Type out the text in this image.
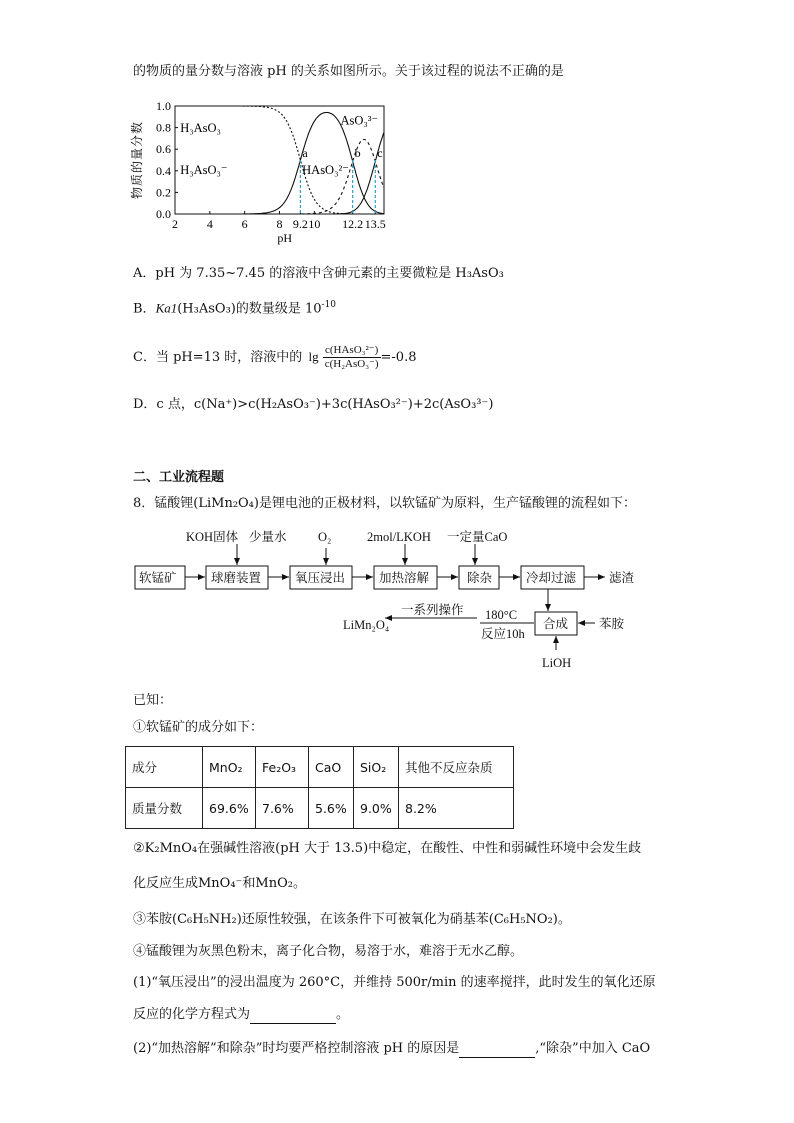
的物质的量分数与溶液 pH 的关系如图所示。关于该过程的说法不正确的是
0.0
0.2
0.4
0.6
0.8
1.0
2 4 6 8 9.2 10 12.2 13.5
pH
物质的量分数	a	b c
H₃AsO₃
H₃AsO₃⁻	HAsO₃²⁻
AsO₃³⁻
A．pH 为 7.35~7.45 的溶液中含砷元素的主要微粒是 H₃AsO₃
B．Ka1(H₃AsO₃)的数量级是 $10^{-10}$
C．当 pH=13 时，溶液中的 lg c(HAsO₃²⁻)
c(H₂AsO₃⁻) =-0.8
D．c 点，c(Na⁺)>c(H₂AsO₃⁻)+3c(HAsO₃²⁻)+2c(AsO₃³⁻)
二、工业流程题
8．锰酸锂(LiMn₂O₄)是锂电池的正极材料，以软锰矿为原料，生产锰酸锂的流程如下：
KOH固体 少量水	O₂	2mol/LKOH 一定量CaO
软锰矿	球磨装置	氧压浸出	加热溶解	除杂	冷却过滤
合成
滤渣
苯胺
LiOH
180°C
反应10h
一系列操作
LiMn₂O₄
已知：
①软锰矿的成分如下：
成分	MnO₂	Fe₂O₃	CaO	SiO₂	其他不反应杂质
质量分数	69.6%	7.6%	5.6%	9.0%	8.2%
②K₂MnO₄在强碱性溶液(pH 大于 13.5)中稳定，在酸性、中性和弱碱性环境中会发生歧
化反应生成MnO₄⁻和MnO₂。
③苯胺(C₆H₅NH₂)还原性较强，在该条件下可被氧化为硝基苯(C₆H₅NO₂)。
④锰酸锂为灰黑色粉末，离子化合物，易溶于水，难溶于无水乙醇。
(1)“氧压浸出”的浸出温度为 260°C，并维持 500r/min 的速率搅拌，此时发生的氧化还原
反应的化学方程式为	。
(2)“加热溶解”和除杂”时均要严格控制溶液 pH 的原因是	,“除杂”中加入 CaO
